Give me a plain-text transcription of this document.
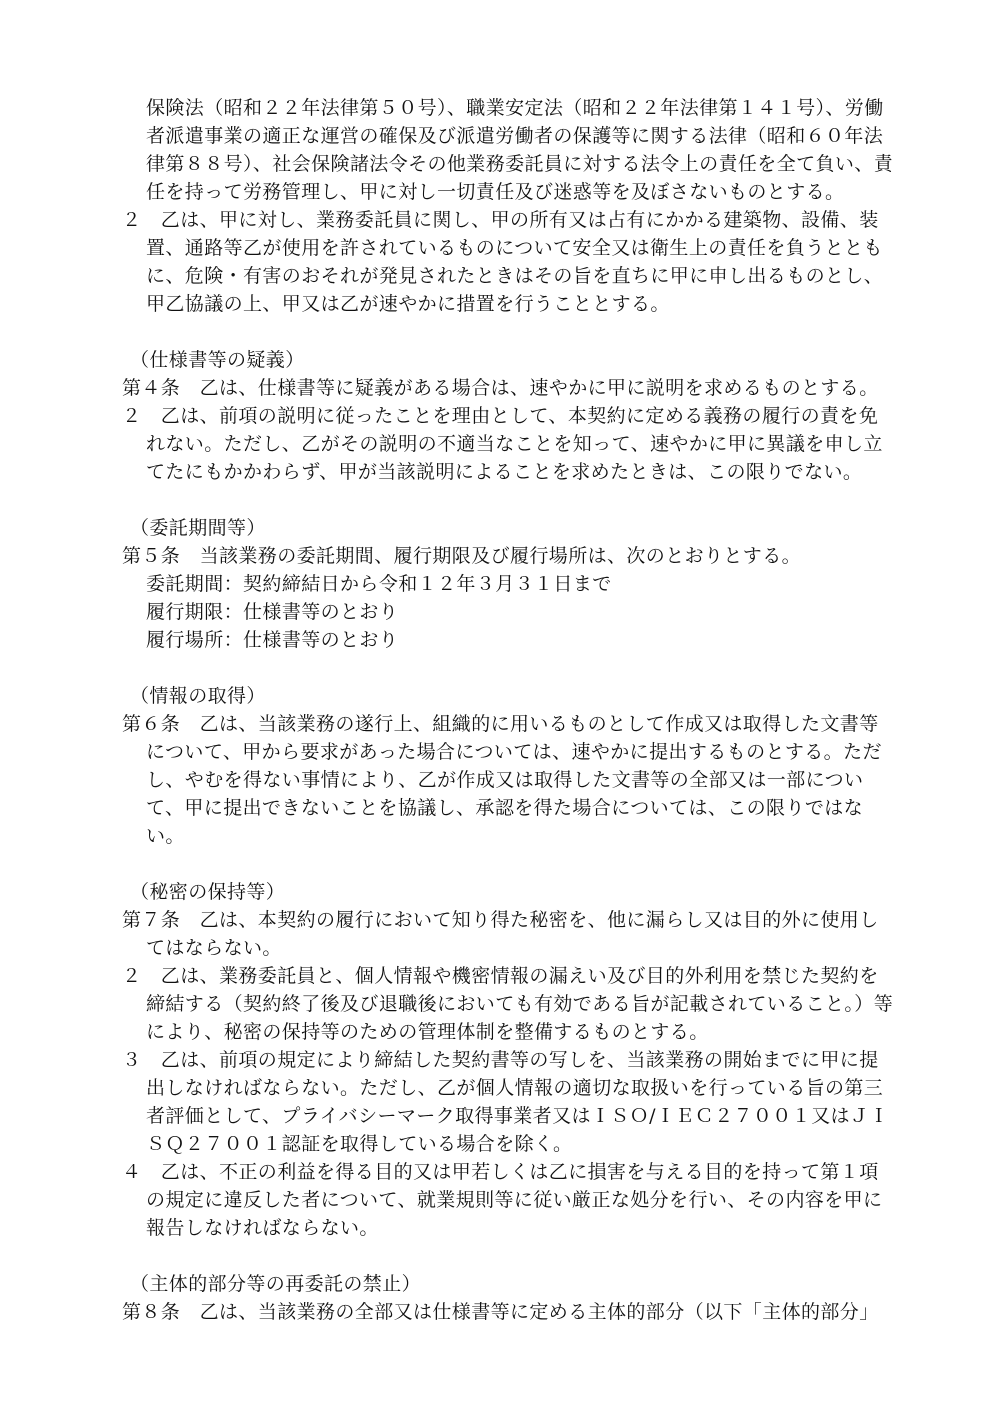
保険法（昭和２２年法律第５０号）、職業安定法（昭和２２年法律第１４１号）、労働者派遣事業の適正な運営の確保及び派遣労働者の保護等に関する法律（昭和６０年法律第８８号）、社会保険諸法令その他業務委託員に対する法令上の責任を全て負い、責任を持って労務管理し、甲に対し一切責任及び迷惑等を及ぼさないものとする。

２　乙は、甲に対し、業務委託員に関し、甲の所有又は占有にかかる建築物、設備、装置、通路等乙が使用を許されているものについて安全又は衛生上の責任を負うとともに、危険・有害のおそれが発見されたときはその旨を直ちに甲に申し出るものとし、甲乙協議の上、甲又は乙が速やかに措置を行うこととする。

（仕様書等の疑義）

第４条　乙は、仕様書等に疑義がある場合は、速やかに甲に説明を求めるものとする。

２　乙は、前項の説明に従ったことを理由として、本契約に定める義務の履行の責を免れない。ただし、乙がその説明の不適当なことを知って、速やかに甲に異議を申し立てたにもかかわらず、甲が当該説明によることを求めたときは、この限りでない。

（委託期間等）

第５条　当該業務の委託期間、履行期限及び履行場所は、次のとおりとする。

委託期間：契約締結日から令和１２年３月３１日まで
履行期限：仕様書等のとおり
履行場所：仕様書等のとおり

（情報の取得）

第６条　乙は、当該業務の遂行上、組織的に用いるものとして作成又は取得した文書等について、甲から要求があった場合については、速やかに提出するものとする。ただし、やむを得ない事情により、乙が作成又は取得した文書等の全部又は一部について、甲に提出できないことを協議し、承認を得た場合については、この限りではない。

（秘密の保持等）

第７条　乙は、本契約の履行において知り得た秘密を、他に漏らし又は目的外に使用してはならない。

２　乙は、業務委託員と、個人情報や機密情報の漏えい及び目的外利用を禁じた契約を締結する（契約終了後及び退職後においても有効である旨が記載されていること。）等により、秘密の保持等のための管理体制を整備するものとする。

３　乙は、前項の規定により締結した契約書等の写しを、当該業務の開始までに甲に提出しなければならない。ただし、乙が個人情報の適切な取扱いを行っている旨の第三者評価として、プライバシーマーク取得事業者又はＩＳＯ/ＩＥＣ２７００１又はＪＩＳＱ２７００１認証を取得している場合を除く。

４　乙は、不正の利益を得る目的又は甲若しくは乙に損害を与える目的を持って第１項の規定に違反した者について、就業規則等に従い厳正な処分を行い、その内容を甲に報告しなければならない。

（主体的部分等の再委託の禁止）

第８条　乙は、当該業務の全部又は仕様書等に定める主体的部分（以下「主体的部分」
